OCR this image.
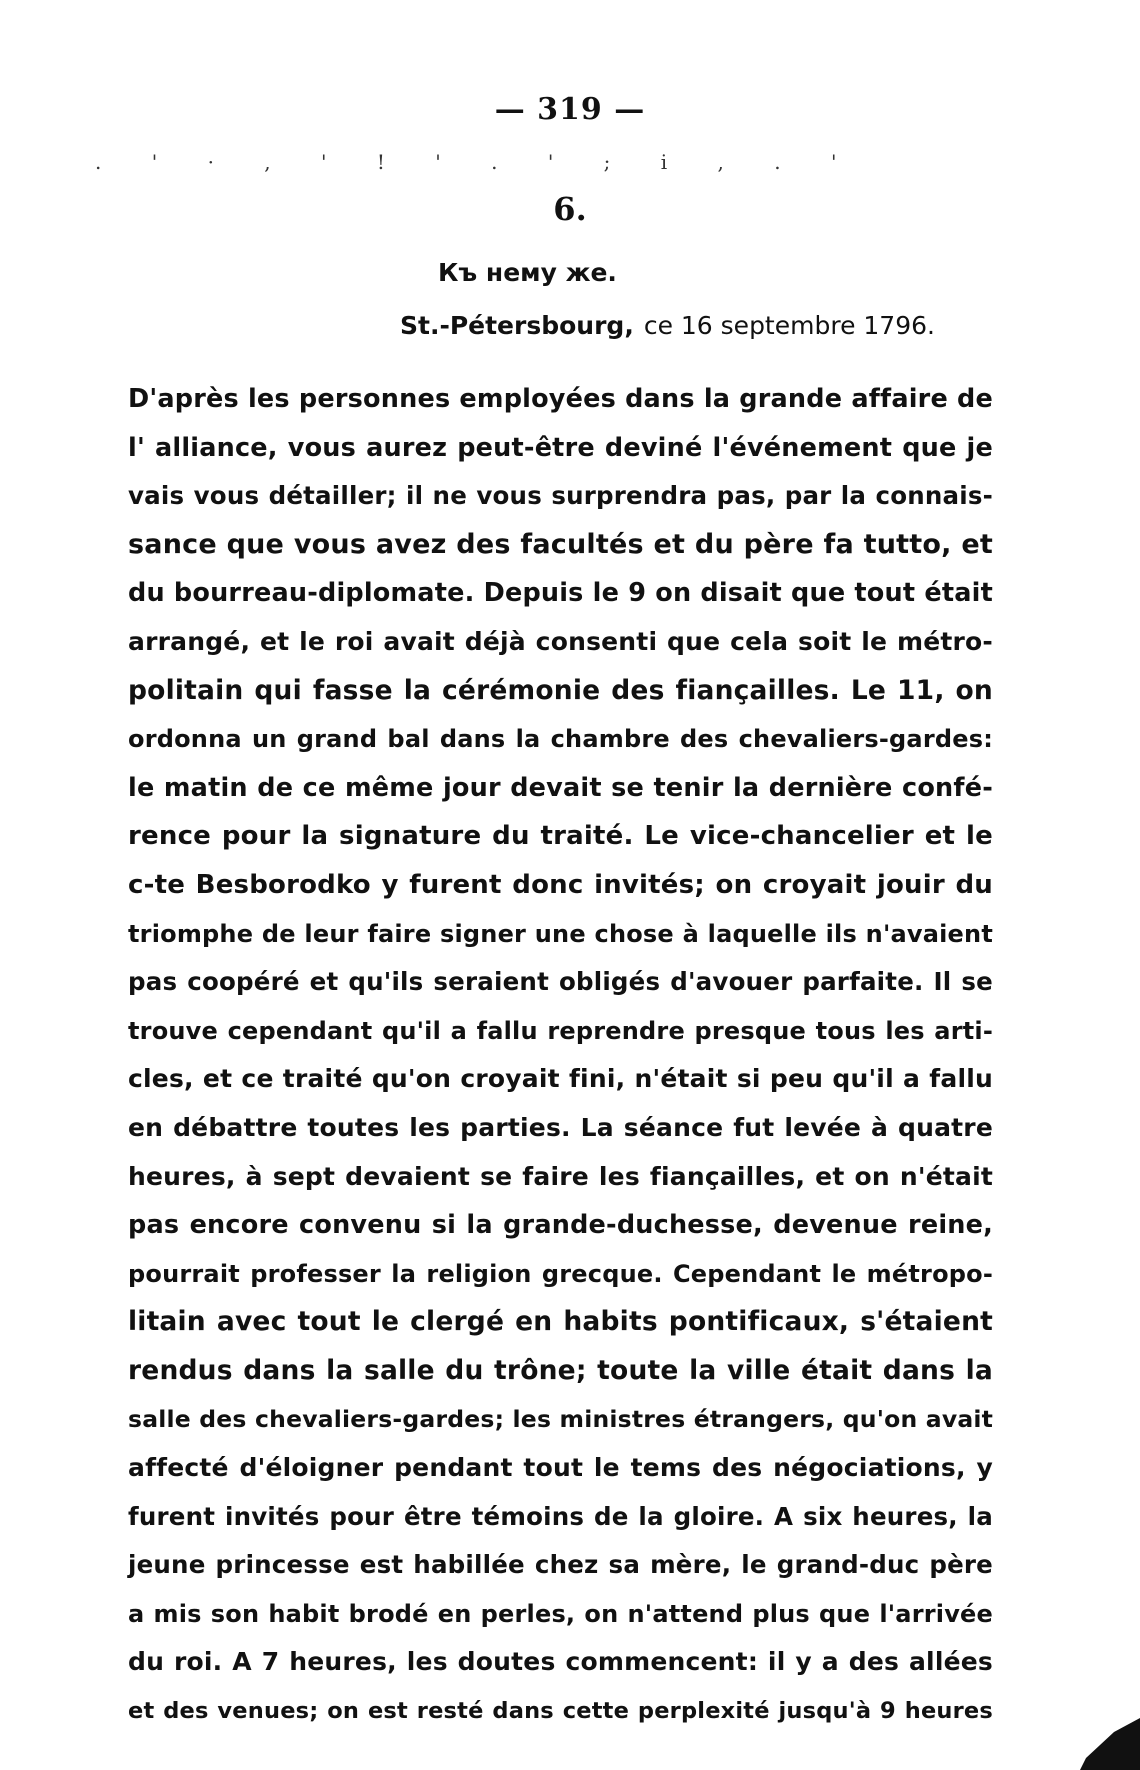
— 319 —
. ' · , ' ! ' . ' ; i , . '
6.
Къ нему же.
St.-Pétersbourg, ce 16 septembre 1796.
D'après les personnes employées dans la grande affaire de
l' alliance, vous aurez peut-être deviné l'événement que je
vais vous détailler; il ne vous surprendra pas, par la connais-
sance que vous avez des facultés et du père fa tutto, et
du bourreau-diplomate. Depuis le 9 on disait que tout était
arrangé, et le roi avait déjà consenti que cela soit le métro-
politain qui fasse la cérémonie des fiançailles. Le 11, on
ordonna un grand bal dans la chambre des chevaliers-gardes:
le matin de ce même jour devait se tenir la dernière confé-
rence pour la signature du traité. Le vice-chancelier et le
c-te Besborodko y furent donc invités; on croyait jouir du
triomphe de leur faire signer une chose à laquelle ils n'avaient
pas coopéré et qu'ils seraient obligés d'avouer parfaite. Il se
trouve cependant qu'il a fallu reprendre presque tous les arti-
cles, et ce traité qu'on croyait fini, n'était si peu qu'il a fallu
en débattre toutes les parties. La séance fut levée à quatre
heures, à sept devaient se faire les fiançailles, et on n'était
pas encore convenu si la grande-duchesse, devenue reine,
pourrait professer la religion grecque. Cependant le métropo-
litain avec tout le clergé en habits pontificaux, s'étaient
rendus dans la salle du trône; toute la ville était dans la
salle des chevaliers-gardes; les ministres étrangers, qu'on avait
affecté d'éloigner pendant tout le tems des négociations, y
furent invités pour être témoins de la gloire. A six heures, la
jeune princesse est habillée chez sa mère, le grand-duc père
a mis son habit brodé en perles, on n'attend plus que l'arrivée
du roi. A 7 heures, les doutes commencent: il y a des allées
et des venues; on est resté dans cette perplexité jusqu'à 9 heures
